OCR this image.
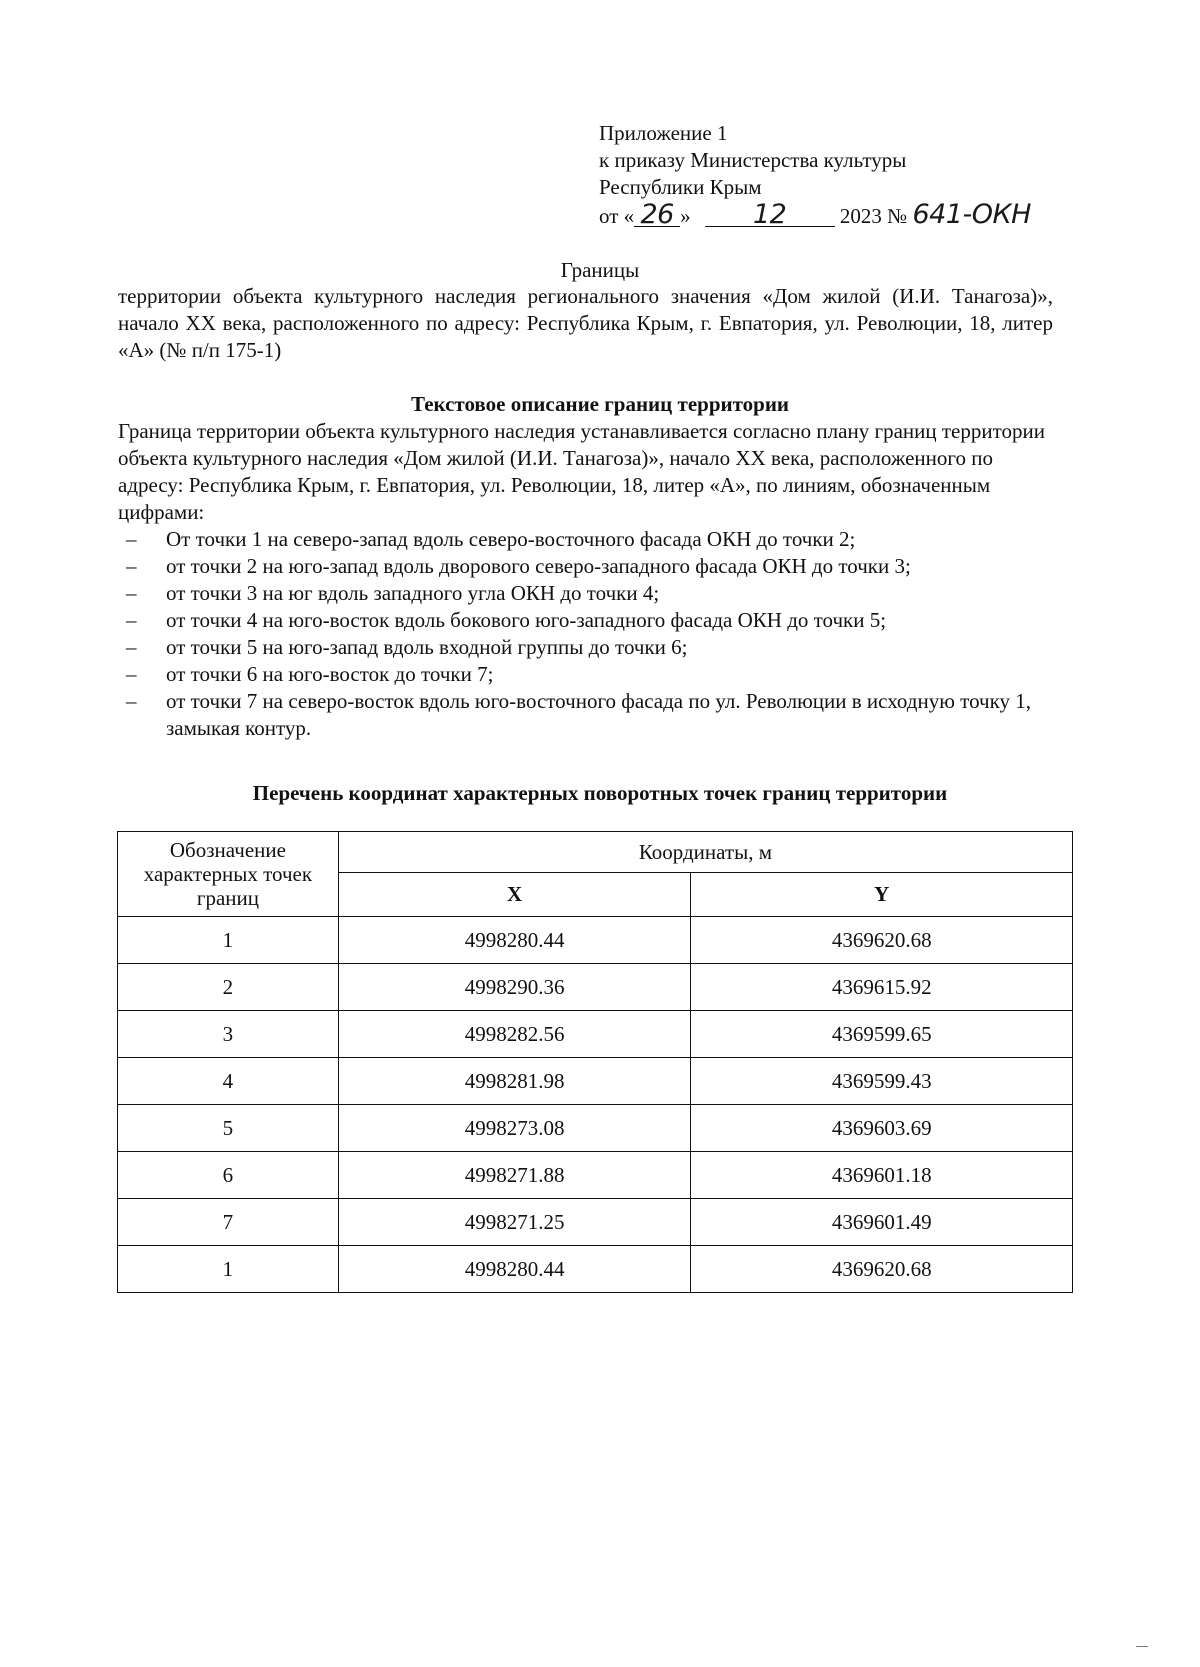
Приложение 1
к приказу Министерства культуры
Республики Крым
от « 26 » 12	2023 № 641-ОКН
Границы
территории объекта культурного наследия регионального значения «Дом жилой (И.И. Танагоза)», начало XX века, расположенного по адресу: Республика Крым, г. Евпатория, ул. Революции, 18, литер «А» (№ п/п 175-1)
Текстовое описание границ территории

Граница территории объекта культурного наследия устанавливается согласно плану границ территории объекта культурного наследия «Дом жилой (И.И. Танагоза)», начало XX века, расположенного по адресу: Республика Крым, г. Евпатория, ул. Революции, 18, литер «А», по линиям, обозначенным цифрами:

– От точки 1 на северо-запад вдоль северо-восточного фасада ОКН до точки 2;
– от точки 2 на юго-запад вдоль дворового северо-западного фасада ОКН до точки 3;
– от точки 3 на юг вдоль западного угла ОКН до точки 4;
– от точки 4 на юго-восток вдоль бокового юго-западного фасада ОКН до точки 5;
– от точки 5 на юго-запад вдоль входной группы до точки 6;
– от точки 6 на юго-восток до точки 7;
– от точки 7 на северо-восток вдоль юго-восточного фасада по ул. Революции в исходную точку 1, замыкая контур.
Перечень координат характерных поворотных точек границ территории
Обозначение характерных точек границ	Координаты, м	
	X	Y
1	4998280.44	4369620.68
2	4998290.36	4369615.92
3	4998282.56	4369599.65
4	4998281.98	4369599.43
5	4998273.08	4369603.69
6	4998271.88	4369601.18
7	4998271.25	4369601.49
1	4998280.44	4369620.68
